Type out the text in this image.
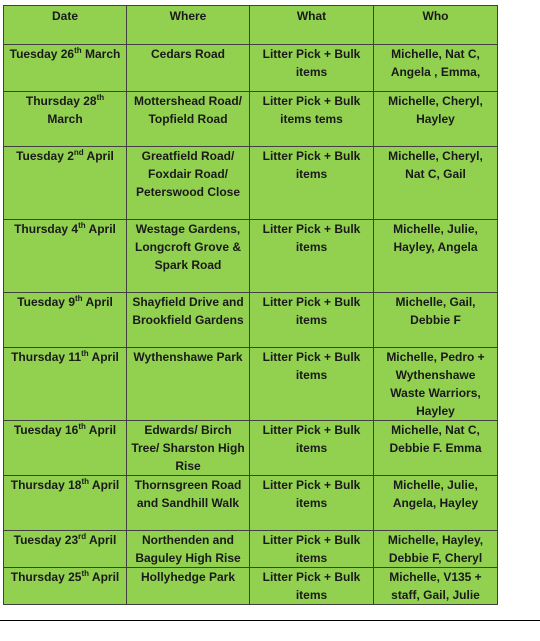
Date	Where	What	Who
Tuesday 26th March	Cedars Road	Litter Pick + Bulk items	Michelle, Nat C, Angela , Emma,
Thursday 28th March	Mottershead Road/ Topfield Road	Litter Pick + Bulk items tems	Michelle, Cheryl, Hayley
Tuesday 2nd April	Greatfield Road/ Foxdair Road/ Peterswood Close	Litter Pick + Bulk items	Michelle, Cheryl, Nat C, Gail
Thursday 4th April	Westage Gardens, Longcroft Grove & Spark Road	Litter Pick + Bulk items	Michelle, Julie, Hayley, Angela
Tuesday 9th April	Shayfield Drive and Brookfield Gardens	Litter Pick + Bulk items	Michelle, Gail, Debbie F
Thursday 11th April	Wythenshawe Park	Litter Pick + Bulk items	Michelle, Pedro + Wythenshawe Waste Warriors, Hayley
Tuesday 16th April	Edwards/ Birch Tree/ Sharston High Rise	Litter Pick + Bulk items	Michelle, Nat C, Debbie F. Emma
Thursday 18th April	Thornsgreen Road and Sandhill Walk	Litter Pick + Bulk items	Michelle, Julie, Angela, Hayley
Tuesday 23rd April	Northenden and Baguley High Rise	Litter Pick + Bulk items	Michelle, Hayley, Debbie F, Cheryl
Thursday 25th April	Hollyhedge Park	Litter Pick + Bulk items	Michelle, V135 + staff, Gail, Julie
